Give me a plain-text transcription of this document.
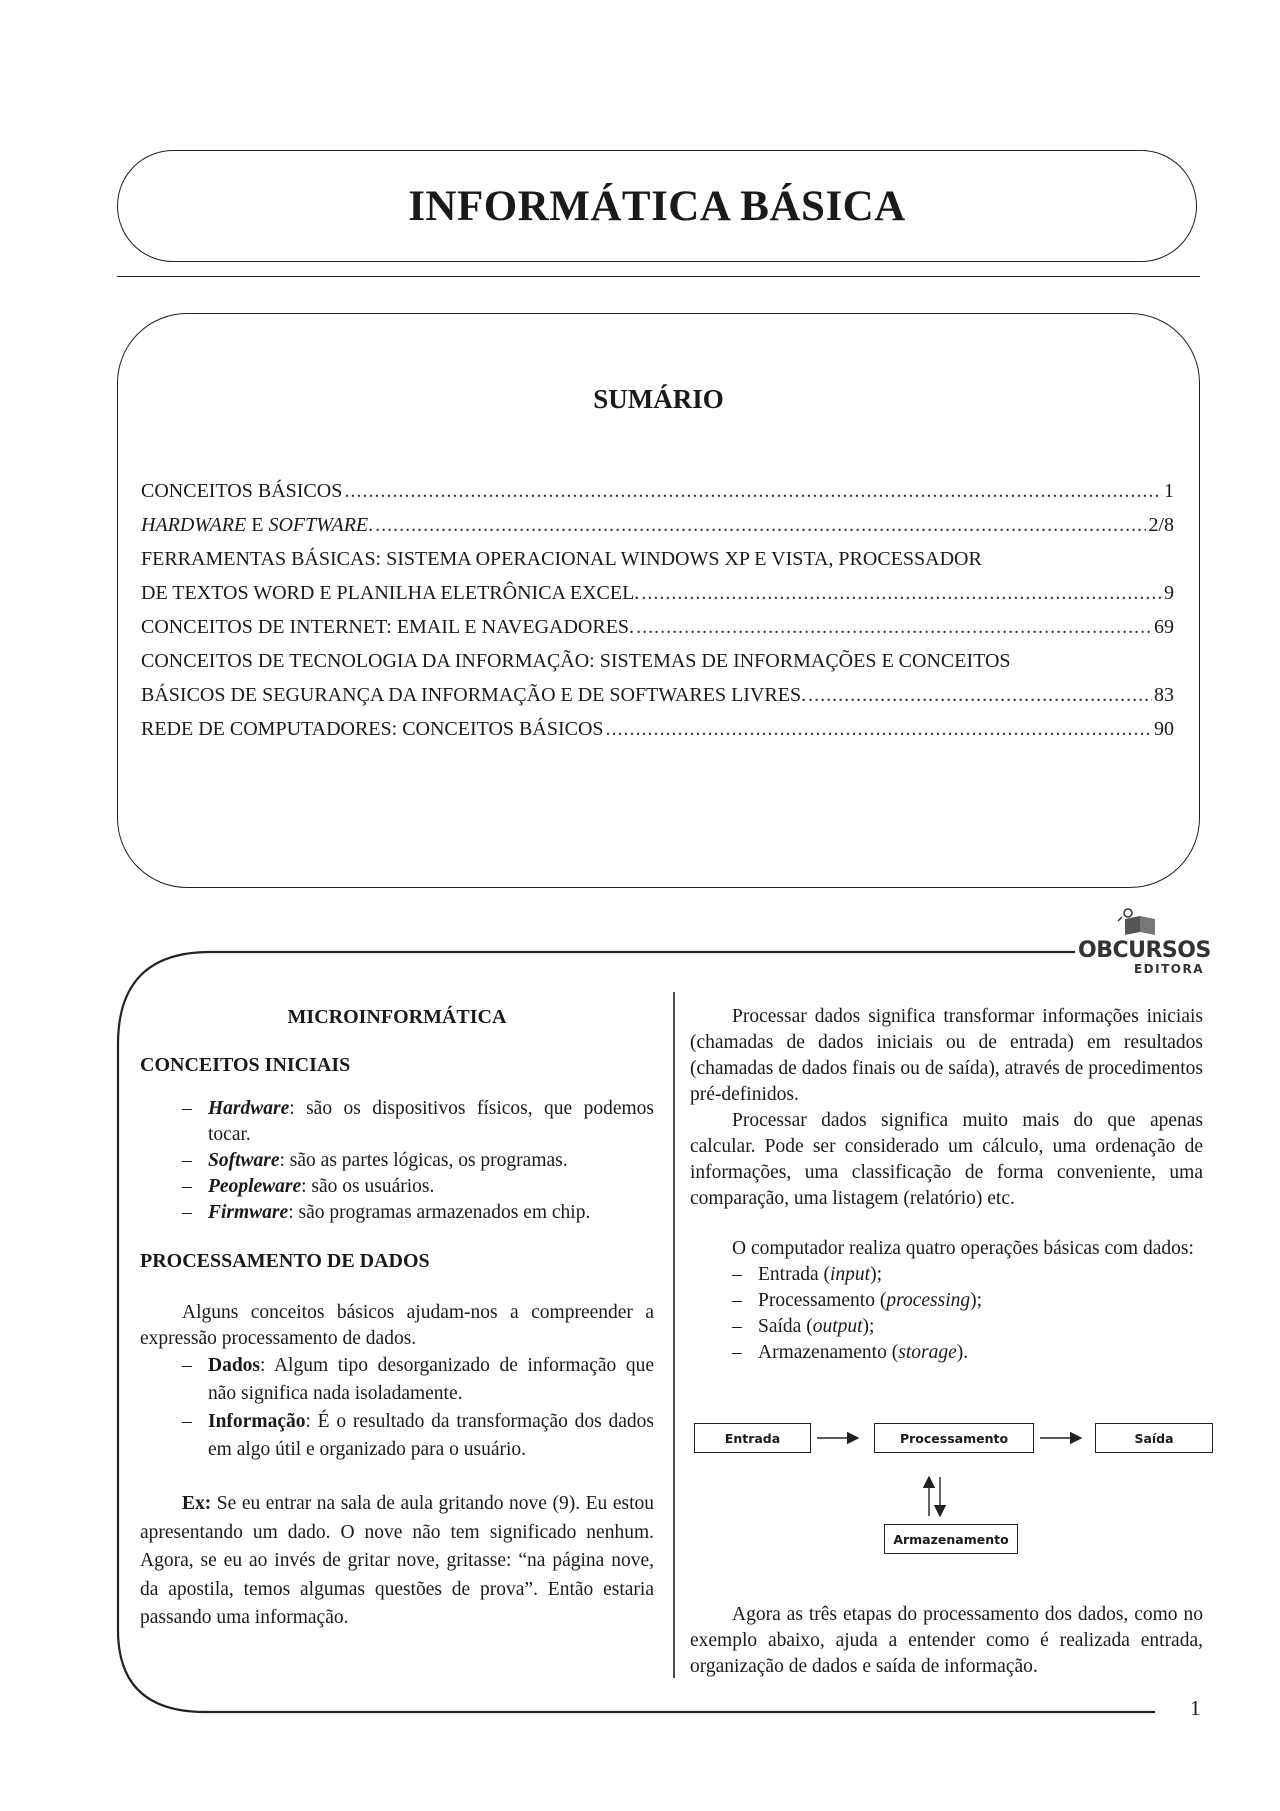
INFORMÁTICA BÁSICA
SUMÁRIO
CONCEITOS BÁSICOS .....	1
HARDWARE E SOFTWARE. .....	2/8
FERRAMENTAS BÁSICAS: SISTEMA OPERACIONAL WINDOWS XP E VISTA, PROCESSADOR
DE TEXTOS WORD E PLANILHA ELETRÔNICA EXCEL. .....	9
CONCEITOS DE INTERNET: EMAIL E NAVEGADORES. .....	69
CONCEITOS DE TECNOLOGIA DA INFORMAÇÃO: SISTEMAS DE INFORMAÇÕES E CONCEITOS
BÁSICOS DE SEGURANÇA DA INFORMAÇÃO E DE SOFTWARES LIVRES. .....	83
REDE DE COMPUTADORES: CONCEITOS BÁSICOS .....	90
OBCURSOS
EDITORA

MICROINFORMÁTICA

CONCEITOS INICIAIS

– Hardware: são os dispositivos físicos, que podemos tocar.
– Software: são as partes lógicas, os programas.
– Peopleware: são os usuários.
– Firmware: são programas armazenados em chip.

PROCESSAMENTO DE DADOS

Alguns conceitos básicos ajudam-nos a compreender a expressão processamento de dados.

– Dados: Algum tipo desorganizado de informação que não significa nada isoladamente.
– Informação: É o resultado da transformação dos dados em algo útil e organizado para o usuário.

Ex: Se eu entrar na sala de aula gritando nove (9). Eu estou apresentando um dado. O nove não tem significado nenhum. Agora, se eu ao invés de gritar nove, gritasse: “na página nove, da apostila, temos algumas questões de prova”. Então estaria passando uma informação.

Processar dados significa transformar informações iniciais (chamadas de dados iniciais ou de entrada) em resultados (chamadas de dados finais ou de saída), através de procedimentos pré-definidos.

Processar dados significa muito mais do que apenas calcular. Pode ser considerado um cálculo, uma ordenação de informações, uma classificação de forma conveniente, uma comparação, uma listagem (relatório) etc.

O computador realiza quatro operações básicas com dados:

– Entrada (input);
– Processamento (processing);
– Saída (output);
– Armazenamento (storage).
Entrada	Processamento	Saída
Armazenamento

Agora as três etapas do processamento dos dados, como no exemplo abaixo, ajuda a entender como é realizada entrada, organização de dados e saída de informação.

1
